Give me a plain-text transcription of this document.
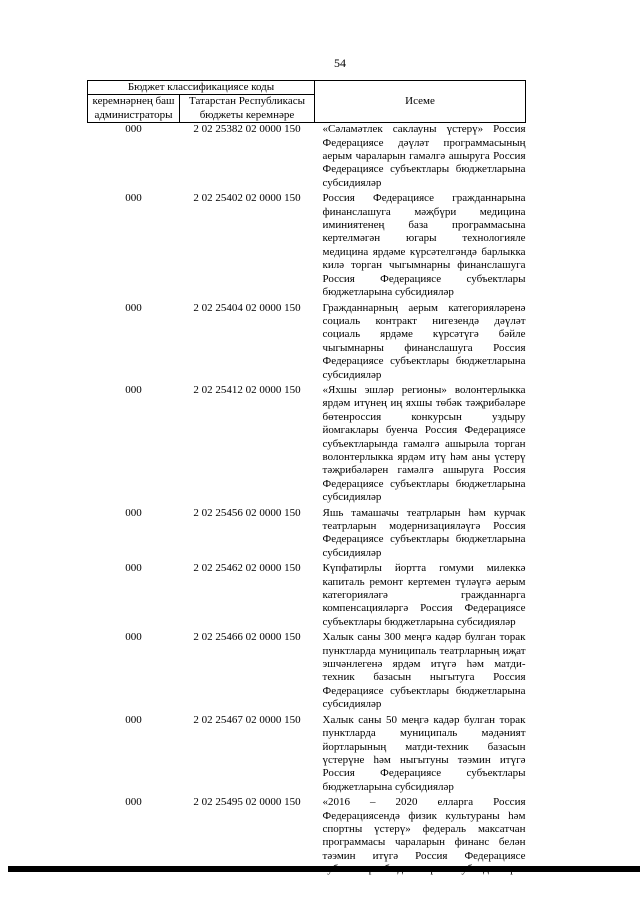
54
Бюджет классификациясе коды		Исеме
керемнәрнең баш администраторы	Татарстан Республикасы бюджеты керемнәре	
000	2 02 25382 02 0000 150	«Сәламәтлек саклауны үстерү» Россия Федерациясе дәүләт программасының аерым чараларын гамәлгә ашыруга Россия Федерациясе субъектлары бюджетларына субсидияләр
000	2 02 25402 02 0000 150	Россия Федерациясе гражданнарына финанслашуга мәҗбүри медицина иминиятенең база программасына кертелмәгән югары технологияле медицина ярдәме күрсәтелгәндә барлыкка килә торган чыгымнарны финанслашуга Россия Федерациясе субъектлары бюджетларына субсидияләр
000	2 02 25404 02 0000 150	Гражданнарның аерым категорияләренә социаль контракт нигезендә дәүләт социаль ярдәме күрсәтүгә бәйле чыгымнарны финанслашуга Россия Федерациясе субъектлары бюджетларына субсидияләр
000	2 02 25412 02 0000 150	«Яхшы эшләр регионы» волонтерлыкка ярдәм итүнең иң яхшы төбәк тәҗрибәләре бөтенроссия конкурсын уздыру йомгаклары буенча Россия Федерациясе субъектларында гамәлгә ашырыла торган волонтерлыкка ярдәм итү һәм аны үстерү тәҗрибәләрен гамәлгә ашыруга Россия Федерациясе субъектлары бюджетларына субсидияләр
000	2 02 25456 02 0000 150	Яшь тамашачы театрларын һәм курчак театрларын модернизацияләүгә Россия Федерациясе субъектлары бюджетларына субсидияләр
000	2 02 25462 02 0000 150	Күпфатирлы йортта гомуми милеккә капиталь ремонт кертемен түләүгә аерым категорияләгә гражданнарга компенсацияләргә Россия Федерациясе субъектлары бюджетларына субсидияләр
000	2 02 25466 02 0000 150	Халык саны 300 меңгә кадәр булган торак пунктларда муниципаль театрларның иҗат эшчәнлегенә ярдәм итүгә һәм матди-техник базасын ныгытуга Россия Федерациясе субъектлары бюджетларына субсидияләр
000	2 02 25467 02 0000 150	Халык саны 50 меңгә кадәр булган торак пунктларда муниципаль мәдәният йортларының матди-техник базасын үстерүне һәм ныгытуны тәэмин итүгә Россия Федерациясе субъектлары бюджетларына субсидияләр
000	2 02 25495 02 0000 150	«2016 – 2020 елларга Россия Федерациясендә физик культураны һәм спортны үстерү» федераль максатчан программасы чараларын финанс белән тәэмин итүгә Россия Федерациясе
